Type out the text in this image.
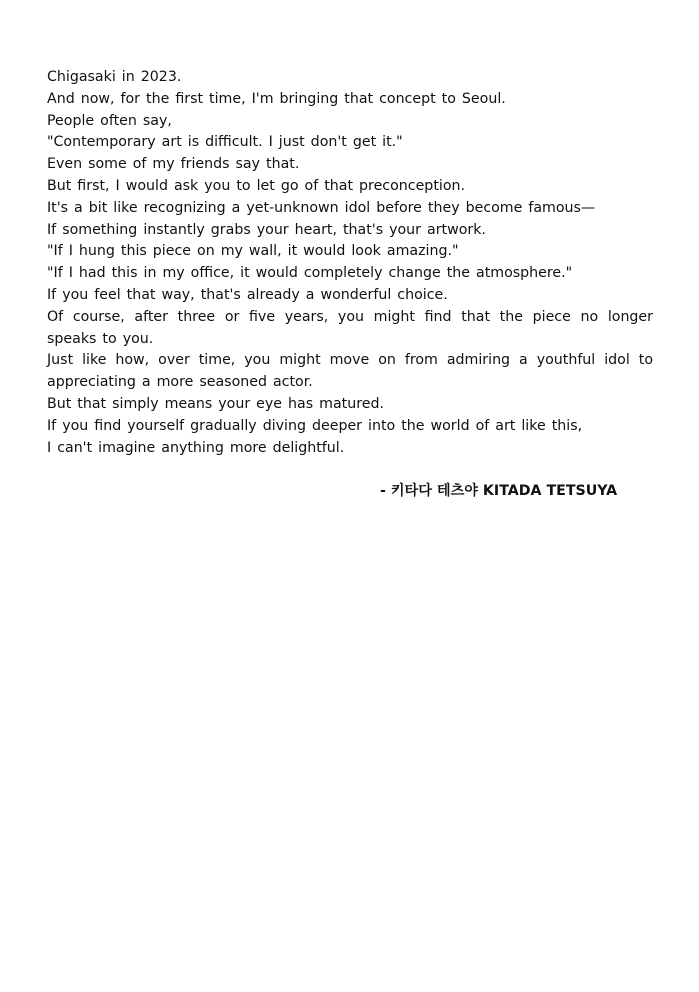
Chigasaki in 2023.
And now, for the first time, I'm bringing that concept to Seoul.
People often say,
"Contemporary art is difficult. I just don't get it."
Even some of my friends say that.
But first, I would ask you to let go of that preconception.
It's a bit like recognizing a yet-unknown idol before they become famous—
If something instantly grabs your heart, that's your artwork.
"If I hung this piece on my wall, it would look amazing."
"If I had this in my office, it would completely change the atmosphere."
If you feel that way, that's already a wonderful choice.
Of course, after three or five years, you might find that the piece no longer speaks to you.
Just like how, over time, you might move on from admiring a youthful idol to appreciating a more seasoned actor.
But that simply means your eye has matured.
If you find yourself gradually diving deeper into the world of art like this,
I can't imagine anything more delightful.
- 키타다 테츠야 KITADA TETSUYA
